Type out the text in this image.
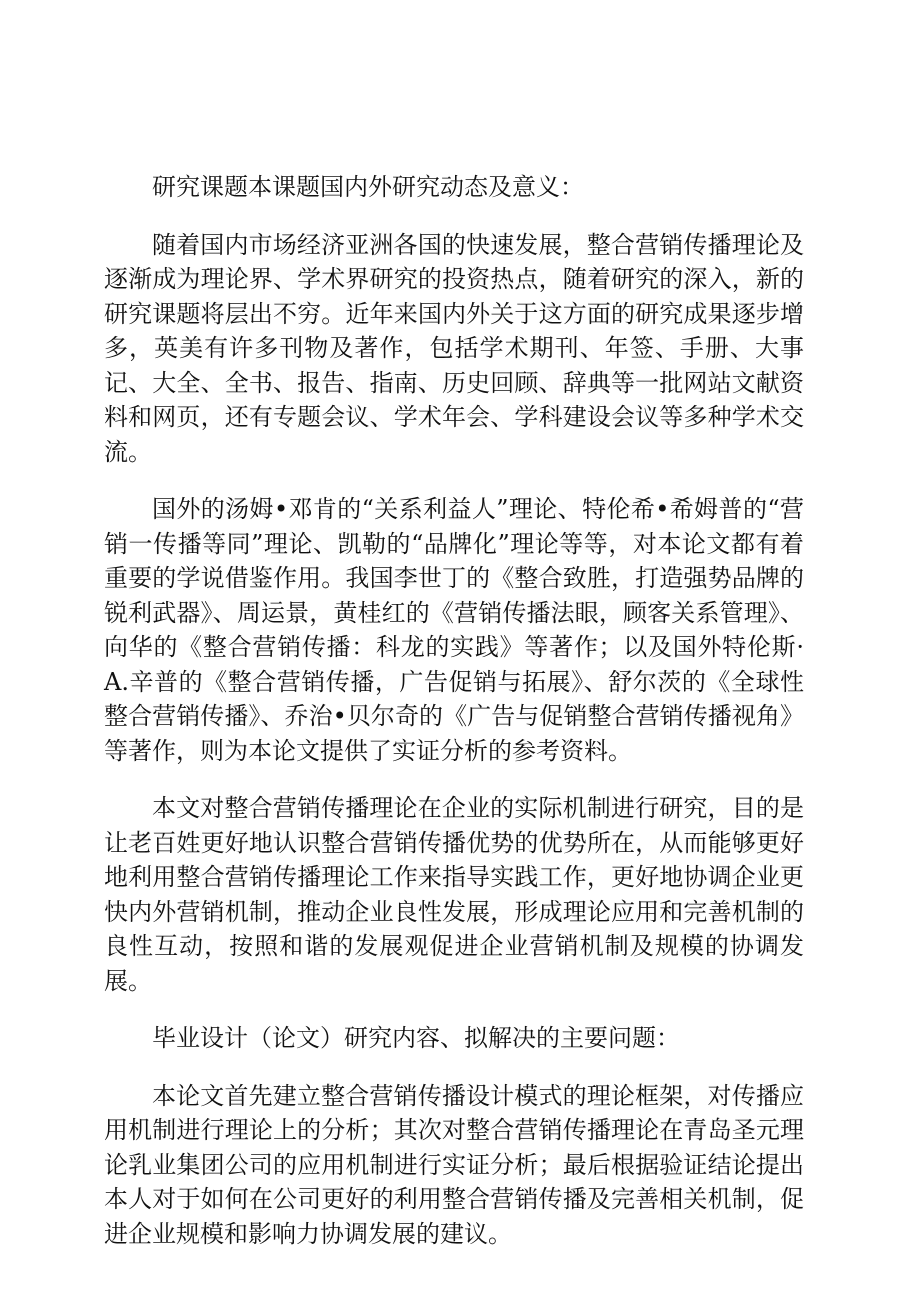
研究课题本课题国内外研究动态及意义：

随着国内市场经济亚洲各国的快速发展，整合营销传播理论及逐渐成为理论界、学术界研究的投资热点，随着研究的深入，新的研究课题将层出不穷。近年来国内外关于这方面的研究成果逐步增多，英美有许多刊物及著作，包括学术期刊、年签、手册、大事记、大全、全书、报告、指南、历史回顾、辞典等一批网站文献资料和网页，还有专题会议、学术年会、学科建设会议等多种学术交流。

国外的汤姆•邓肯的“关系利益人”理论、特伦希•希姆普的“营销一传播等同”理论、凯勒的“品牌化”理论等等，对本论文都有着重要的学说借鉴作用。我国李世丁的《整合致胜，打造强势品牌的锐利武器》、周运景，黄桂红的《营销传播法眼，顾客关系管理》、向华的《整合营销传播：科龙的实践》等著作；以及国外特伦斯· A.辛普的《整合营销传播，广告促销与拓展》、舒尔茨的《全球性整合营销传播》、乔治•贝尔奇的《广告与促销整合营销传播视角》等著作，则为本论文提供了实证分析的参考资料。

本文对整合营销传播理论在企业的实际机制进行研究，目的是让老百姓更好地认识整合营销传播优势的优势所在，从而能够更好地利用整合营销传播理论工作来指导实践工作，更好地协调企业更快内外营销机制，推动企业良性发展，形成理论应用和完善机制的良性互动，按照和谐的发展观促进企业营销机制及规模的协调发展。

毕业设计（论文）研究内容、拟解决的主要问题：

本论文首先建立整合营销传播设计模式的理论框架，对传播应用机制进行理论上的分析；其次对整合营销传播理论在青岛圣元理论乳业集团公司的应用机制进行实证分析；最后根据验证结论提出本人对于如何在公司更好的利用整合营销传播及完善相关机制，促进企业规模和影响力协调发展的建议。
